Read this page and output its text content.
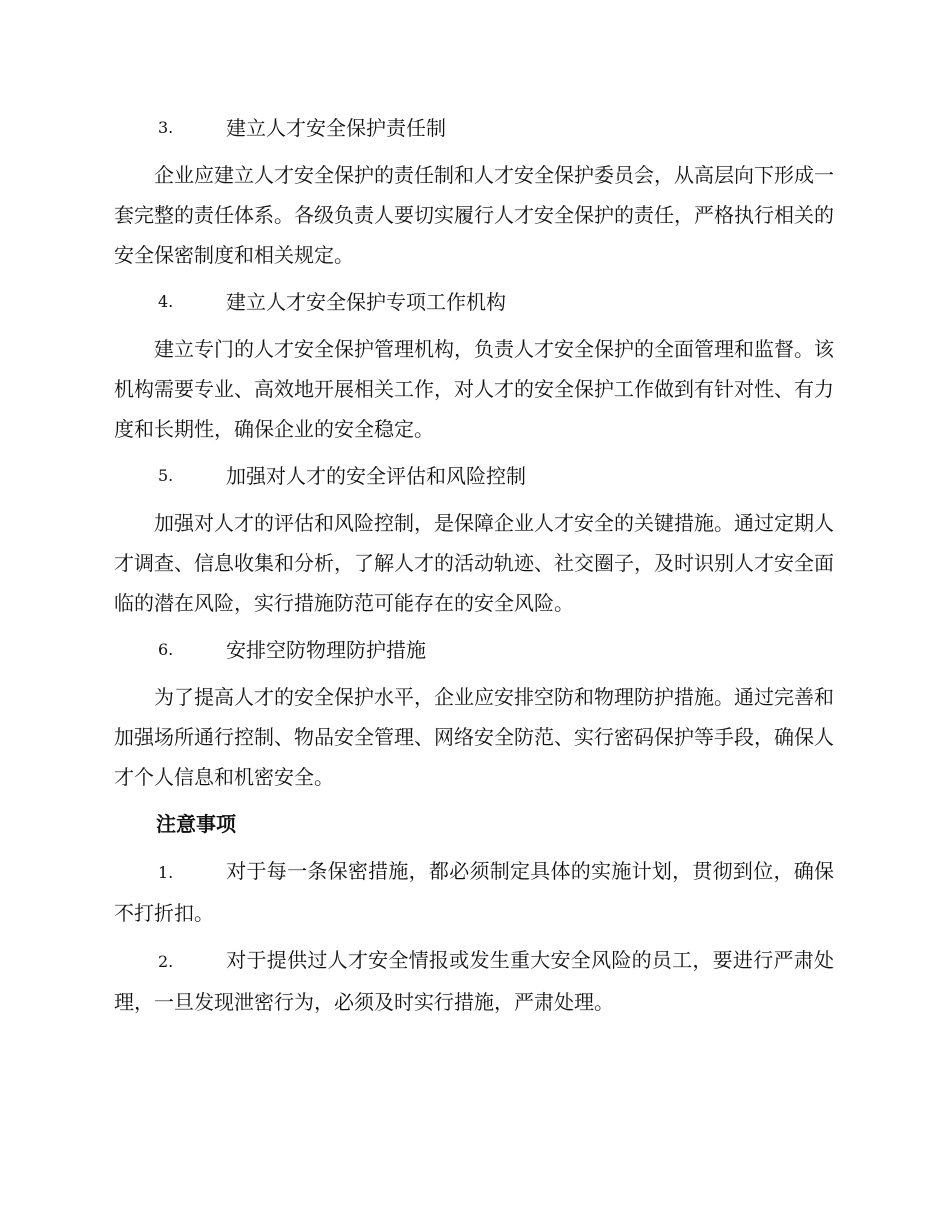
3.	建立人才安全保护责任制

企业应建立人才安全保护的责任制和人才安全保护委员会，从高层向下形成一套完整的责任体系。各级负责人要切实履行人才安全保护的责任，严格执行相关的安全保密制度和相关规定。

4.	建立人才安全保护专项工作机构

建立专门的人才安全保护管理机构，负责人才安全保护的全面管理和监督。该机构需要专业、高效地开展相关工作，对人才的安全保护工作做到有针对性、有力度和长期性，确保企业的安全稳定。

5.	加强对人才的安全评估和风险控制

加强对人才的评估和风险控制，是保障企业人才安全的关键措施。通过定期人才调查、信息收集和分析，了解人才的活动轨迹、社交圈子，及时识别人才安全面临的潜在风险，实行措施防范可能存在的安全风险。

6.	安排空防物理防护措施

为了提高人才的安全保护水平，企业应安排空防和物理防护措施。通过完善和加强场所通行控制、物品安全管理、网络安全防范、实行密码保护等手段，确保人才个人信息和机密安全。

注意事项

1.	对于每一条保密措施，都必须制定具体的实施计划，贯彻到位，确保不打折扣。

2.	对于提供过人才安全情报或发生重大安全风险的员工，要进行严肃处理，一旦发现泄密行为，必须及时实行措施，严肃处理。
